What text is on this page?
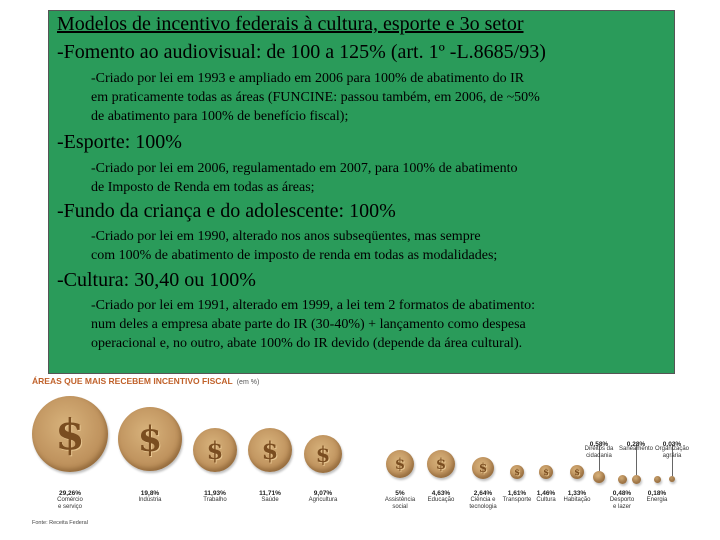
Modelos de incentivo federais à cultura, esporte e 3o setor
-Fomento ao audiovisual: de 100 a 125% (art. 1º -L.8685/93)
-Criado por lei em 1993 e ampliado em 2006 para 100% de abatimento do IR
em praticamente todas as áreas (FUNCINE: passou também, em 2006, de ~50%
de abatimento para 100% de benefício fiscal);
-Esporte: 100%
-Criado por lei em 2006, regulamentado em 2007, para 100% de abatimento
de Imposto de Renda em todas as áreas;
-Fundo da criança e do adolescente: 100%
-Criado por lei em 1990, alterado nos anos subseqüentes, mas sempre
com 100% de abatimento de imposto de renda em todas as modalidades;
-Cultura: 30,40 ou 100%
-Criado por lei em 1991, alterado em 1999, a lei tem 2 formatos de abatimento:
num deles a empresa abate parte do IR (30-40%) + lançamento como despesa
operacional e, no outro, abate 100% do IR devido (depende da área cultural).
ÁREAS QUE MAIS RECEBEM INCENTIVO FISCAL (em %)
$
29,26%
Comércio
e serviço
$
19,8%
Indústria
$
11,93%
Trabalho
$
11,71%
Saúde
$
9,07%
Agricultura
$
5%
Assistência
social
$
4,63%
Educação
$
2,64%
Ciência e
tecnologia
$
1,61%
Transporte
$
1,46%
Cultura
$
1,33%
Habitação
0,58%
Direitos da
cidadania
0,28%
Saneamento
0,03%
Organização
agrária
0,48%
Desporto
e lazer
0,18%
Energia
Fonte: Receita Federal
